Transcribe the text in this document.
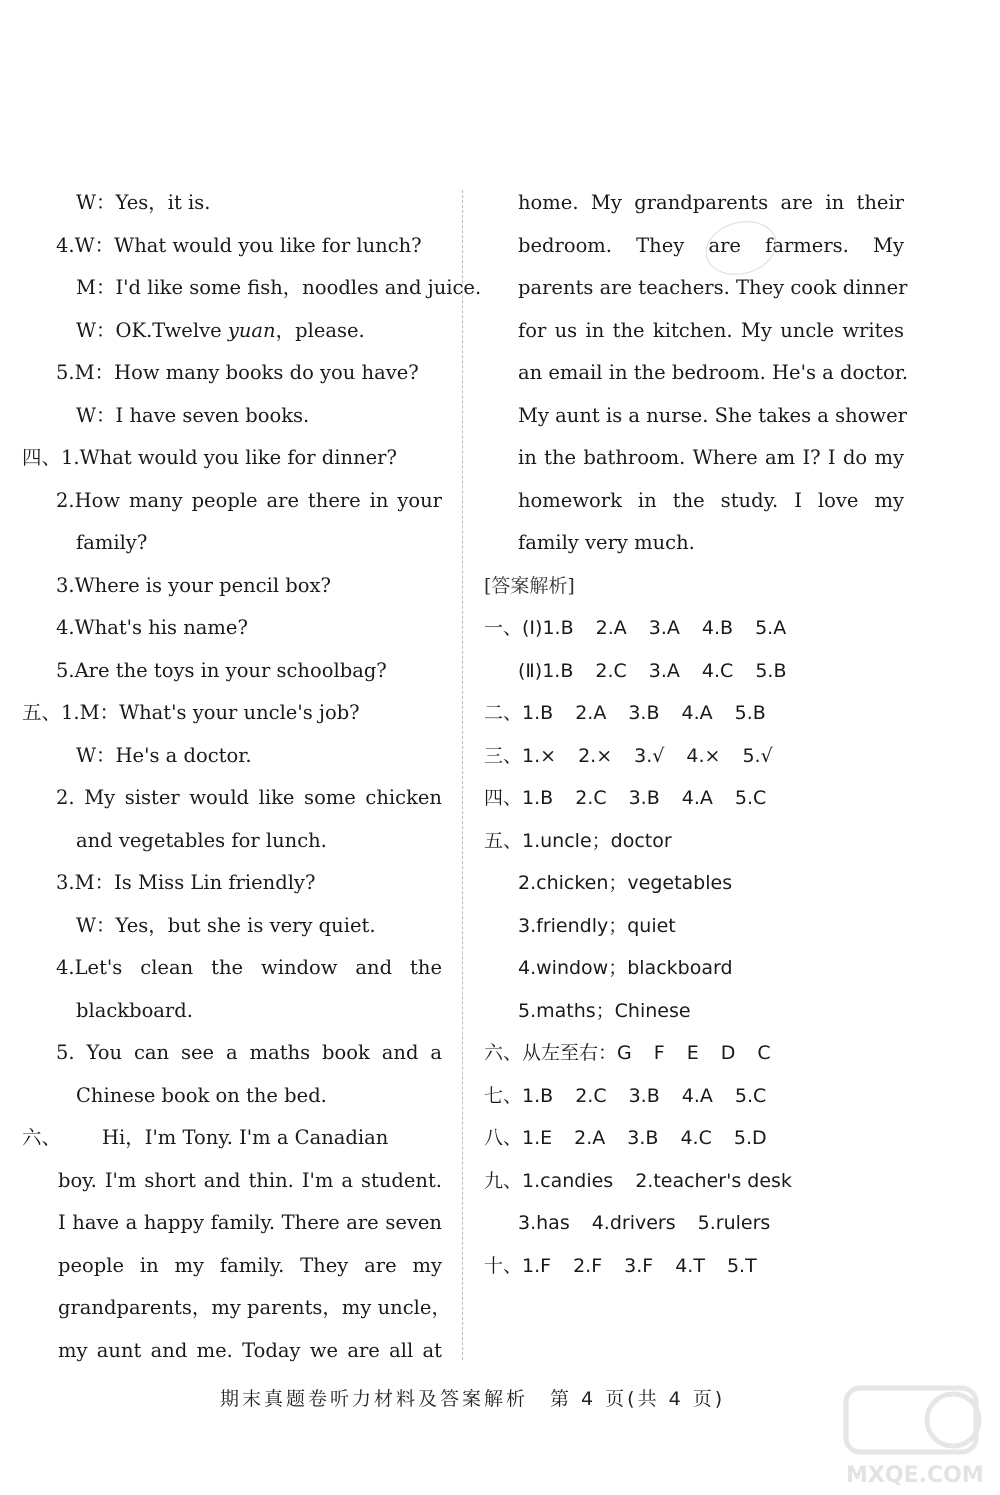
W：Yes，it is.
4.W：What would you like for lunch?
M：I'd like some fish，noodles and juice.
W：OK.Twelve yuan，please.
5.M：How many books do you have?
W：I have seven books.
四、1.What would you like for dinner?
2.How many people are there in your
family?
3.Where is your pencil box?
4.What's his name?
5.Are the toys in your schoolbag?
五、1.M：What's your uncle's job?
W：He's a doctor.
2. My sister would like some chicken
and vegetables for lunch.
3.M：Is Miss Lin friendly?
W：Yes，but she is very quiet.
4.Let's clean the window and the
blackboard.
5. You can see a maths book and a
Chinese book on the bed.
六、 Hi，I'm Tony. I'm a Canadian
boy. I'm short and thin. I'm a student.
I have a happy family. There are seven
people in my family. They are my
grandparents，my parents，my uncle，
my aunt and me. Today we are all at
home. My grandparents are in their
bedroom. They are farmers. My
parents are teachers. They cook dinner
for us in the kitchen. My uncle writes
an email in the bedroom. He's a doctor.
My aunt is a nurse. She takes a shower
in the bathroom. Where am I? I do my
homework in the study. I love my
family very much.
[答案解析]
一、(Ⅰ)1.B 2.A 3.A 4.B 5.A
(Ⅱ)1.B 2.C 3.A 4.C 5.B
二、1.B 2.A 3.B 4.A 5.B
三、1.× 2.× 3.√ 4.× 5.√
四、1.B 2.C 3.B 4.A 5.C
五、1.uncle；doctor
2.chicken；vegetables
3.friendly；quiet
4.window；blackboard
5.maths；Chinese
六、从左至右：G F E D C
七、1.B 2.C 3.B 4.A 5.C
八、1.E 2.A 3.B 4.C 5.D
九、1.candies 2.teacher's desk
3.has 4.drivers 5.rulers
十、1.F 2.F 3.F 4.T 5.T
期末真题卷听力材料及答案解析　第 4 页(共 4 页)
MXQE.COM
